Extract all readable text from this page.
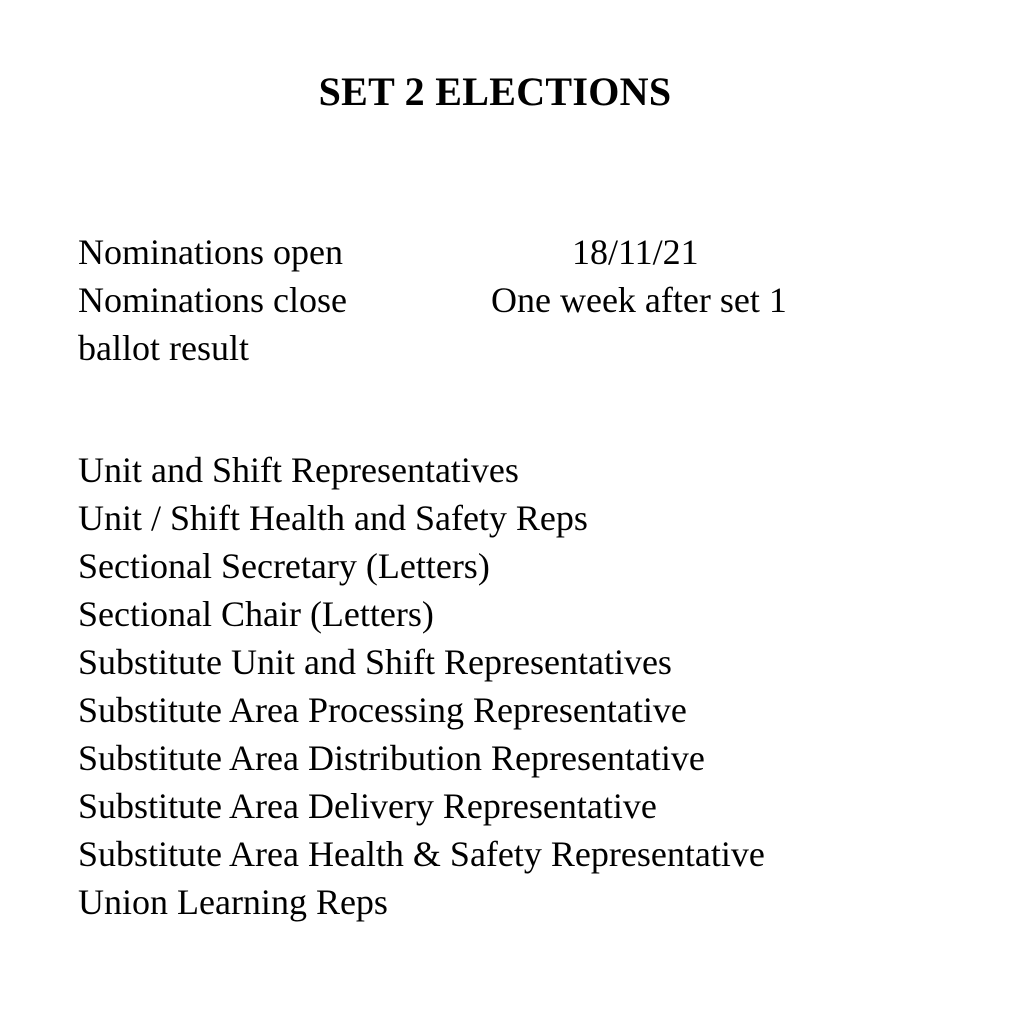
SET 2 ELECTIONS
Nominations open	18/11/21
Nominations close	One week after set 1
ballot result
Unit and Shift Representatives
Unit / Shift Health and Safety Reps
Sectional Secretary (Letters)
Sectional Chair (Letters)
Substitute Unit and Shift Representatives
Substitute Area Processing Representative
Substitute Area Distribution Representative
Substitute Area Delivery Representative
Substitute Area Health & Safety Representative
Union Learning Reps
